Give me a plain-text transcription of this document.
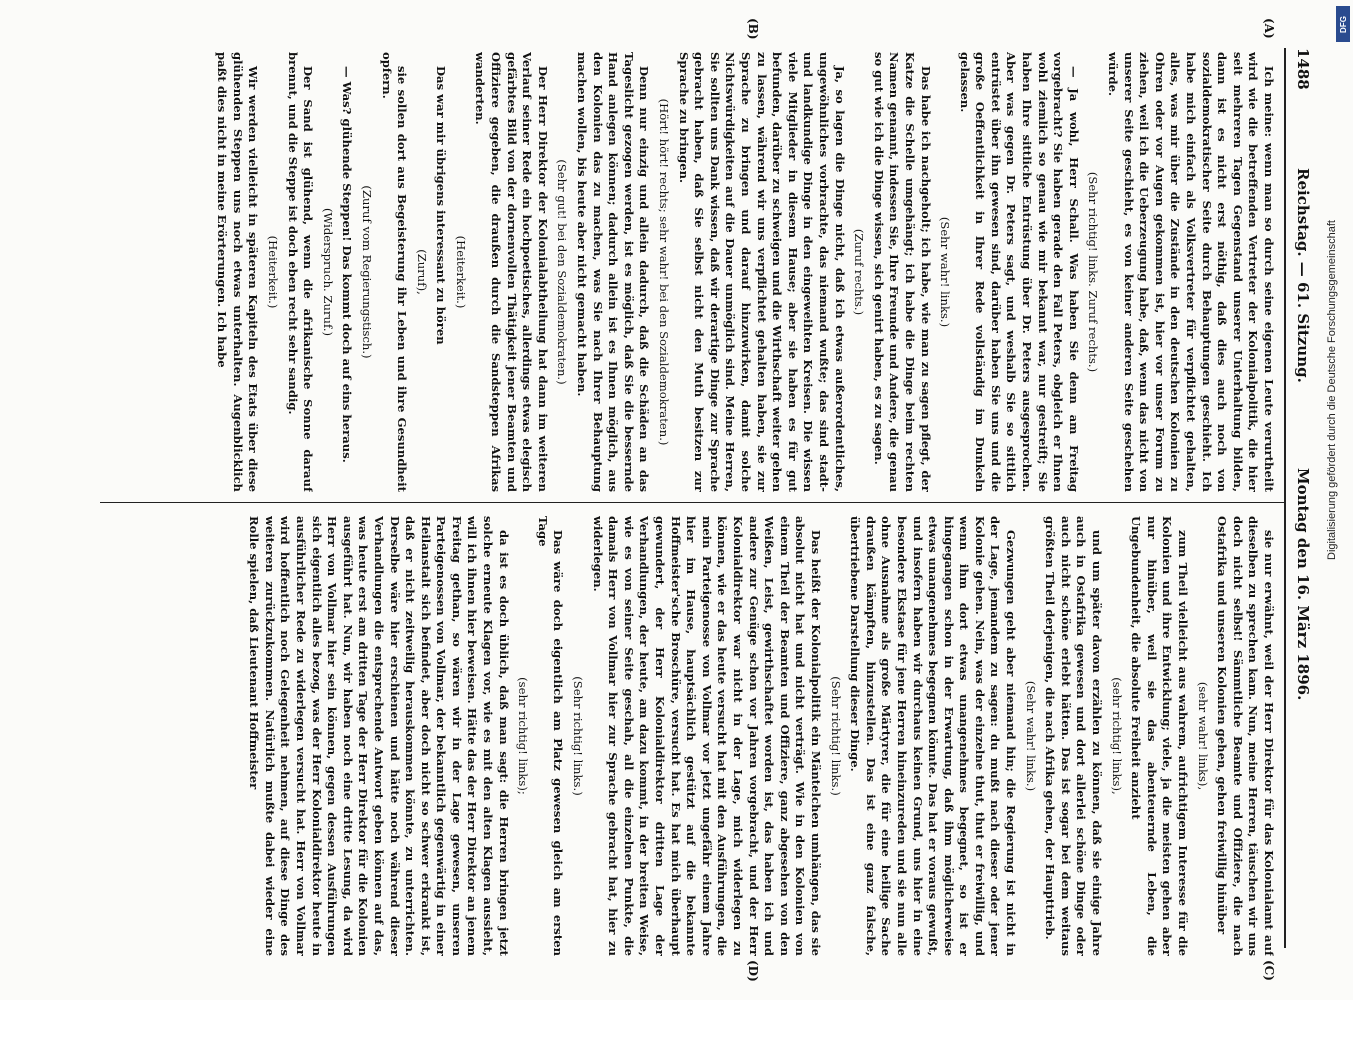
1488
Reichstag. — 61. Sitzung.
Montag den 16. März 1896.
(A)
(B)
(C)
(D)

Ich meine: wenn man so durch seine eigenen Leute verurtheilt wird wie die betreffenden Vertreter der Kolonialpolitik, die hier seit mehreren Tagen Gegenstand unserer Unterhaltung bilden, dann ist es nicht erst nöthig, daß dies auch noch von sozialdemokratischer Seite durch Behauptungen geschieht. Ich habe mich einfach als Volksvertreter für verpflichtet gehalten, alles, was mir über die Zustände in den deutschen Kolonien zu Ohren oder vor Augen gekommen ist, hier vor unser Forum zu ziehen, weil ich die Ueberzeugung habe, daß, wenn das nicht von unserer Seite geschieht, es von keiner anderen Seite geschehen würde.

(Sehr richtig! links. Zuruf rechts.)

— Ja wohl, Herr Schall. Was haben Sie denn am Freitag vorgebracht? Sie haben gerade den Fall Peters, obgleich er Ihnen wohl ziemlich so genau wie mir bekannt war, nur gestreift; Sie haben Ihre sittliche Entrüstung über Dr. Peters ausgesprochen. Aber was gegen Dr. Peters sagt, und weshalb Sie so sittlich entrüstet über ihn gewesen sind, darüber haben Sie uns und die große Oeffentlichkeit in Ihrer Rede vollständig im Dunkeln gelassen.

(Sehr wahr! links.)

Das habe ich nachgeholt; ich habe, wie man zu sagen pflegt, der Katze die Schelle umgehängt; ich habe die Dinge beim rechten Namen genannt, indessen Sie, Ihre Freunde und Andere, die genau so gut wie ich die Dinge wissen, sich genirt haben, es zu sagen.

(Zuruf rechts.)

Ja, so lagen die Dinge nicht, daß ich etwas außerordentliches, ungewöhnliches vorbrachte, das niemand wußte; das sind stadt- und landkundige Dinge in den eingeweihten Kreisen. Die wissen viele Mitglieder in diesem Hause; aber sie haben es für gut befunden, darüber zu schweigen und die Wirthschaft weiter gehen zu lassen, während wir uns verpflichtet gehalten haben, sie zur Sprache zu bringen und darauf hinzuwirken, damit solche Nichtswürdigkeiten auf die Dauer unmöglich sind. Meine Herren, Sie sollten uns Dank wissen, daß wir derartige Dinge zur Sprache gebracht haben, daß Sie selbst nicht den Muth besitzen zur Sprache zu bringen.

(Hört! hört! rechts; sehr wahr! bei den Sozialdemokraten.)

Denn nur einzig und allein dadurch, daß die Schäden an das Tageslicht gezogen werden, ist es möglich, daß Sie die bessernde Hand anlegen können; dadurch allein ist es Ihnen möglich, aus den Kolonien das zu machen, was Sie nach Ihrer Behauptung machen wollen, bis heute aber nicht gemacht haben.

(Sehr gut! bei den Sozialdemokraten.)

Der Herr Direktor der Kolonialabtheilung hat dann im weiteren Verlauf seiner Rede ein hochpoetisches, allerdings etwas elegisch gefärbtes Bild von der dornenvollen Thätigkeit jener Beamten und Offiziere gegeben, die draußen durch die Sandsteppen Afrikas wanderten.

(Heiterkeit.)

Das war mir übrigens interessant zu hören

(Zuruf),

sie sollen dort aus Begeisterung ihr Leben und ihre Gesundheit opfern.

(Zuruf vom Regierungstisch.)

— Was? glühende Steppen! Das kommt doch auf eins heraus.

(Widerspruch. Zuruf.)

Der Sand ist glühend, wenn die afrikanische Sonne darauf brennt, und die Steppe ist doch eben recht sehr sandig.

(Heiterkeit.)

Wir werden vielleicht in späteren Kapiteln des Etats über diese glühenden Steppen uns noch etwas unterhalten. Augenblicklich paßt dies nicht in meine Erörterungen. Ich habe

sie nur erwähnt, weil der Herr Direktor für das Kolonialamt auf dieselben zu sprechen kam. Nun, meine Herren, täuschen wir uns doch nicht selbst! Sämmtliche Beamte und Offiziere, die nach Ostafrika und unseren Kolonien gehen, gehen freiwillig hinüber

(sehr wahr! links),

zum Theil vielleicht aus wahrem, aufrichtigem Interesse für die Kolonien und ihre Entwicklung; viele, ja die meisten gehen aber nur hinüber, weil sie das abenteuernde Leben, die Ungebundenheit, die absolute Freiheit anzieht

(sehr richtig! links),

und um später davon erzählen zu können, daß sie einige Jahre auch in Ostafrika gewesen und dort allerlei schöne Dinge oder auch nicht schöne erlebt hätten. Das ist sogar bei dem weitaus größten Theil derjenigen, die nach Afrika gehen, der Haupttrieb.

(Sehr wahr! links.)

Gezwungen geht aber niemand hin; die Regierung ist nicht in der Lage, jemandem zu sagen: du mußt nach dieser oder jener Kolonie gehen. Nein, was der einzelne thut, thut er freiwillig, und wenn ihm dort etwas unangenehmes begegnet, so ist er hingegangen schon in der Erwartung, daß ihm möglicherweise etwas unangenehmes begegnen könnte. Das hat er voraus gewußt, und insofern haben wir durchaus keinen Grund, uns hier in eine besondere Ekstase für jene Herren hineinzureden und sie nun alle ohne Ausnahme als große Märtyrer, die für eine heilige Sache draußen kämpften, hinzustellen. Das ist eine ganz falsche, übertriebene Darstellung dieser Dinge.

(Sehr richtig! links.)

Das heißt der Kolonialpolitik ein Mäntelchen umhängen, das sie absolut nicht hat und nicht verträgt. Wie in den Kolonien von einem Theil der Beamten und Offiziere, ganz abgesehen von den Weißen, Leist, gewirthschaftet worden ist, das haben ich und andere zur Genüge schon vor Jahren vorgebracht, und der Herr Kolonialdirektor war nicht in der Lage, mich widerlegen zu können, wie er das heute versucht hat mit den Ausführungen, die mein Parteigenosse von Vollmar vor jetzt ungefähr einem Jahre hier im Hause, hauptsächlich gestützt auf die bekannte Hoffmeister'sche Broschüre, versucht hat. Es hat mich überhaupt gewundert, der Herr Kolonialdirektor dritten Lage der Verhandlungen, der heute, am dazu kommt, in der breiten Weise, wie es von seiner Seite geschah, all die einzelnen Punkte, die damals Herr von Vollmar hier zur Sprache gebracht hat, hier zu widerlegen.

(Sehr richtig! links.)

Das wäre doch eigentlich am Platz gewesen gleich am ersten Tage

(sehr richtig! links);

da ist es doch üblich, daß man sagt: die Herren bringen jetzt solche erneute Klagen vor, wie es mit den alten Klagen aussieht, will ich ihnen hier beweisen. Hätte das der Herr Direktor an jenem Freitag gethan, so wären wir in der Lage gewesen, unseren Parteigenossen von Vollmar, der bekanntlich gegenwärtig in einer Heilanstalt sich befindet, aber doch nicht so schwer erkrankt ist, daß er nicht zeitweilig herauskommen könnte, zu unterrichten. Derselbe wäre hier erschienen und hätte noch während dieser Verhandlungen die entsprechende Antwort geben können auf das, was heute erst am dritten Tage der Herr Direktor für die Kolonien ausgeführt hat. Nun, wir haben noch eine dritte Lesung, da wird Herr von Vollmar hier sein können, gegen dessen Ausführungen sich eigentlich alles bezog, was der Herr Kolonialdirektor heute in ausführlicher Rede zu widerlegen versucht hat. Herr von Vollmar wird hoffentlich noch Gelegenheit nehmen, auf diese Dinge des weiteren zurückzukommen. Natürlich mußte dabei wieder eine Rolle spielen, daß Lieutenant Hoffmeister

DFG
Digitalisierung gefördert durch die Deutsche Forschungsgemeinschaft
